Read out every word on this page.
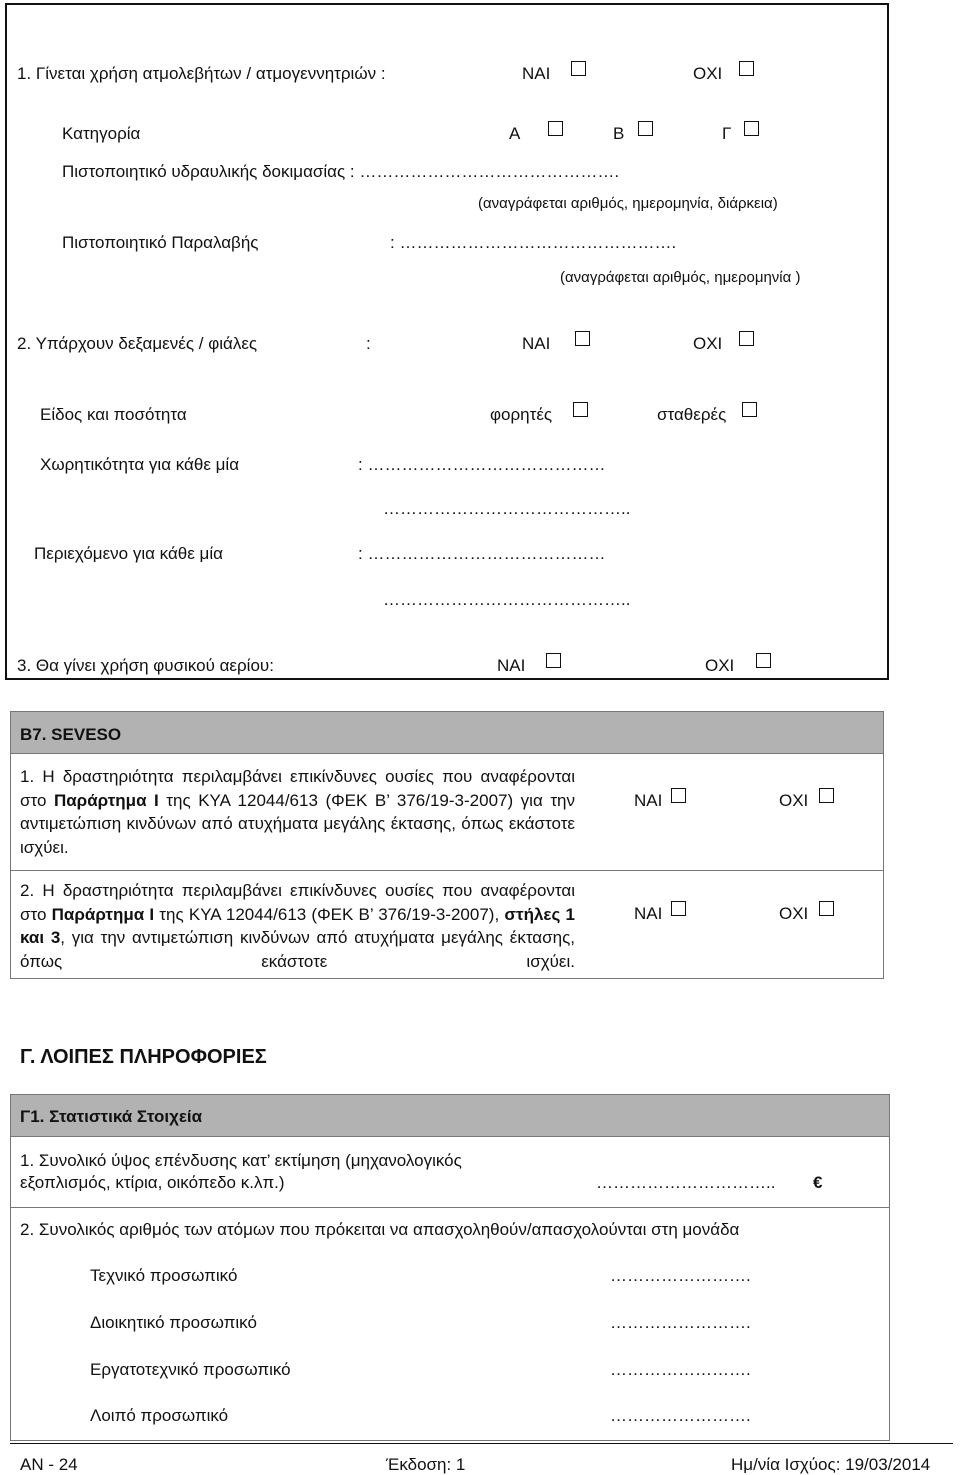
1. Γίνεται χρήση ατμολεβήτων / ατμογεννητριών :	ΝΑΙ	ΟΧΙ
Κατηγορία	Α	Β	Γ
Πιστοποιητικό υδραυλικής δοκιμασίας : ……………………………………….
(αναγράφεται αριθμός, ημερομηνία, διάρκεια)
Πιστοποιητικό Παραλαβής	: ………………………………………….
(αναγράφεται αριθμός, ημερομηνία )
2. Υπάρχουν δεξαμενές / φιάλες	:	ΝΑΙ	ΟΧΙ
Είδος και ποσότητα	φορητές	σταθερές
Χωρητικότητα για κάθε μία	: ……………………………………
……………………………………..
Περιεχόμενο για κάθε μία	: ……………………………………
……………………………………..
3. Θα γίνει χρήση φυσικού αερίου:	ΝΑΙ	ΟΧΙ
Β7. SEVESO
1. Η δραστηριότητα περιλαμβάνει επικίνδυνες ουσίες που αναφέρονται στο Παράρτημα Ι της ΚΥΑ 12044/613 (ΦΕΚ Β’ 376/19-3-2007) για την αντιμετώπιση κινδύνων από ατυχήματα μεγάλης έκτασης, όπως εκάστοτε ισχύει.
ΝΑΙ	ΟΧΙ
2. Η δραστηριότητα περιλαμβάνει επικίνδυνες ουσίες που αναφέρονται στο Παράρτημα Ι της ΚΥΑ 12044/613 (ΦΕΚ Β’ 376/19-3-2007), στήλες 1 και 3, για την αντιμετώπιση κινδύνων από ατυχήματα μεγάλης έκτασης, όπως εκάστοτε ισχύει.
ΝΑΙ	ΟΧΙ
Γ. ΛΟΙΠΕΣ ΠΛΗΡΟΦΟΡΙΕΣ
Γ1. Στατιστικά Στοιχεία
1. Συνολικό ύψος επένδυσης κατ’ εκτίμηση (μηχανολογικός
εξοπλισμός, κτίρια, οικόπεδο κ.λπ.)	………………………….. €
2. Συνολικός αριθμός των ατόμων που πρόκειται να απασχοληθούν/απασχολούνται στη μονάδα
Τεχνικό προσωπικό	…………………….
Διοικητικό προσωπικό	…………………….
Εργατοτεχνικό προσωπικό	…………………….
Λοιπό προσωπικό	…………………….
ΑΝ - 24	Έκδοση: 1	Ημ/νία Ισχύος: 19/03/2014
